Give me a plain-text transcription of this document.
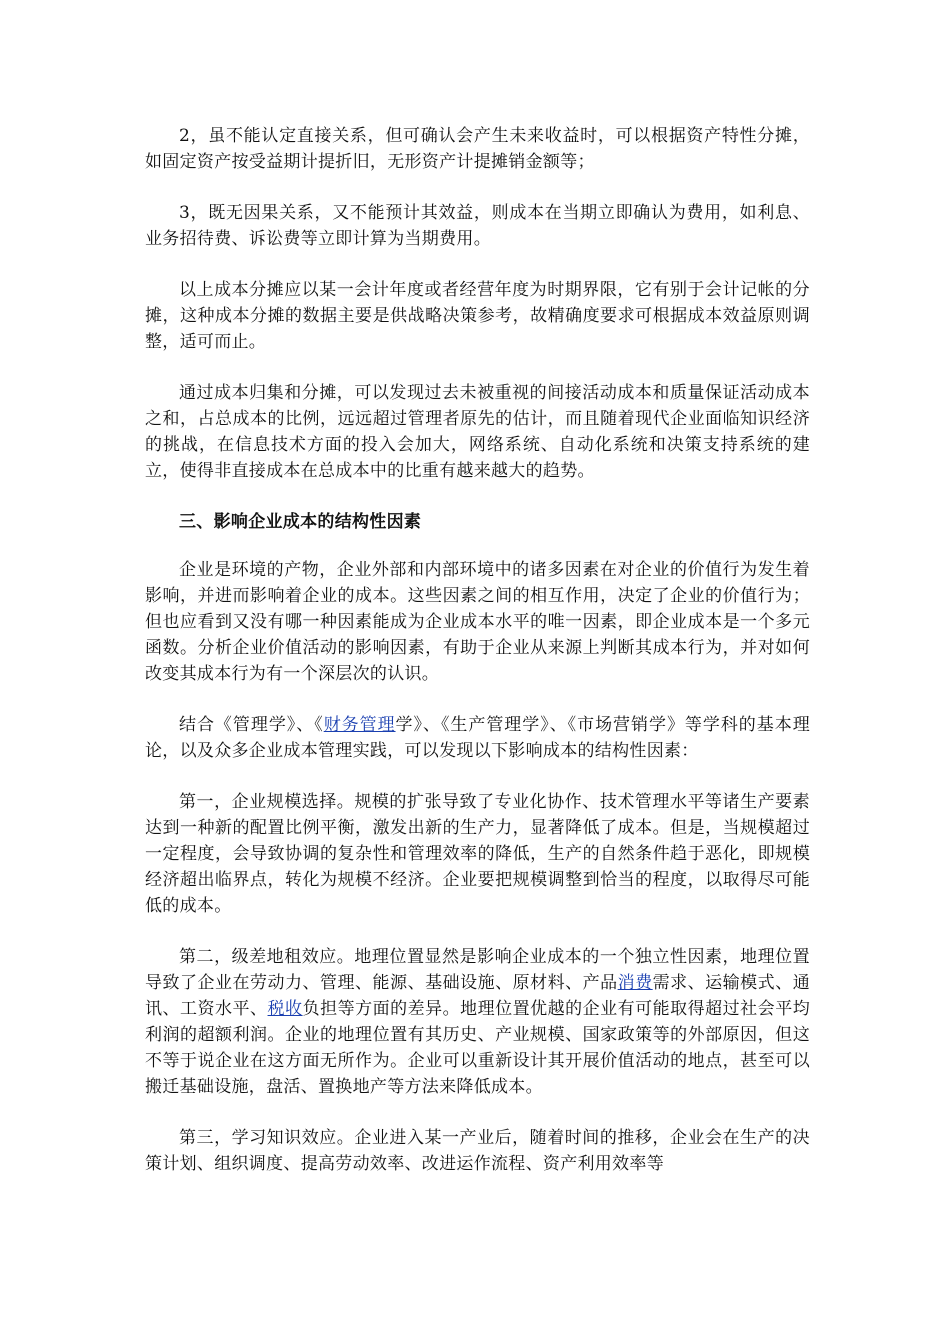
2，虽不能认定直接关系，但可确认会产生未来收益时，可以根据资产特性分摊，如固定资产按受益期计提折旧，无形资产计提摊销金额等；

3，既无因果关系，又不能预计其效益，则成本在当期立即确认为费用，如利息、业务招待费、诉讼费等立即计算为当期费用。

以上成本分摊应以某一会计年度或者经营年度为时期界限，它有别于会计记帐的分摊，这种成本分摊的数据主要是供战略决策参考，故精确度要求可根据成本效益原则调整，适可而止。

通过成本归集和分摊，可以发现过去未被重视的间接活动成本和质量保证活动成本之和，占总成本的比例，远远超过管理者原先的估计，而且随着现代企业面临知识经济的挑战，在信息技术方面的投入会加大，网络系统、自动化系统和决策支持系统的建立，使得非直接成本在总成本中的比重有越来越大的趋势。

三、影响企业成本的结构性因素

企业是环境的产物，企业外部和内部环境中的诸多因素在对企业的价值行为发生着影响，并进而影响着企业的成本。这些因素之间的相互作用，决定了企业的价值行为；但也应看到又没有哪一种因素能成为企业成本水平的唯一因素，即企业成本是一个多元函数。分析企业价值活动的影响因素，有助于企业从来源上判断其成本行为，并对如何改变其成本行为有一个深层次的认识。

结合《管理学》、《财务管理学》、《生产管理学》、《市场营销学》等学科的基本理论，以及众多企业成本管理实践，可以发现以下影响成本的结构性因素：

第一，企业规模选择。规模的扩张导致了专业化协作、技术管理水平等诸生产要素达到一种新的配置比例平衡，激发出新的生产力，显著降低了成本。但是，当规模超过一定程度，会导致协调的复杂性和管理效率的降低，生产的自然条件趋于恶化，即规模经济超出临界点，转化为规模不经济。企业要把规模调整到恰当的程度，以取得尽可能低的成本。

第二，级差地租效应。地理位置显然是影响企业成本的一个独立性因素，地理位置导致了企业在劳动力、管理、能源、基础设施、原材料、产品消费需求、运输模式、通讯、工资水平、税收负担等方面的差异。地理位置优越的企业有可能取得超过社会平均利润的超额利润。企业的地理位置有其历史、产业规模、国家政策等的外部原因，但这不等于说企业在这方面无所作为。企业可以重新设计其开展价值活动的地点，甚至可以搬迁基础设施，盘活、置换地产等方法来降低成本。

第三，学习知识效应。企业进入某一产业后，随着时间的推移，企业会在生产的决策计划、组织调度、提高劳动效率、改进运作流程、资产利用效率等
